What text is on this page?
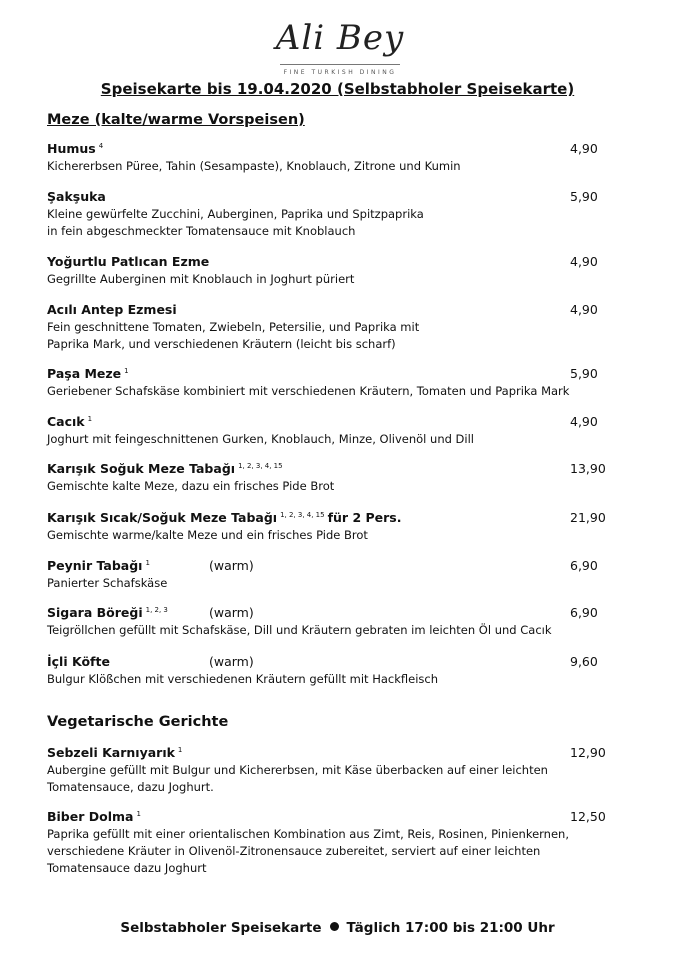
Ali Bey
FINE TURKISH DINING
Speisekarte bis 19.04.2020 (Selbstabholer Speisekarte)
Meze (kalte/warme Vorspeisen)
Humus $^4$	4,90
Kichererbsen Püree, Tahin (Sesampaste), Knoblauch, Zitrone und Kumin
Şakşuka	5,90
Kleine gewürfelte Zucchini, Auberginen, Paprika und Spitzpaprika
in fein abgeschmeckter Tomatensauce mit Knoblauch
Yoğurtlu Patlıcan Ezme	4,90
Gegrillte Auberginen mit Knoblauch in Joghurt püriert
Acılı Antep Ezmesi	4,90
Fein geschnittene Tomaten, Zwiebeln, Petersilie, und Paprika mit
Paprika Mark, und verschiedenen Kräutern (leicht bis scharf)
Paşa Meze $^1$	5,90
Geriebener Schafskäse kombiniert mit verschiedenen Kräutern, Tomaten und Paprika Mark
Cacık $^1$	4,90
Joghurt mit feingeschnittenen Gurken, Knoblauch, Minze, Olivenöl und Dill
Karışık Soğuk Meze Tabağı $^{1, 2, 3, 4, 15}$	13,90
Gemischte kalte Meze, dazu ein frisches Pide Brot
Karışık Sıcak/Soğuk Meze Tabağı $^{1, 2, 3, 4, 15}$ für 2 Pers.	21,90
Gemischte warme/kalte Meze und ein frisches Pide Brot
Peynir Tabağı $^1$	(warm)	6,90
Panierter Schafskäse
Sigara Böreği $^{1, 2, 3}$	(warm)	6,90
Teigröllchen gefüllt mit Schafskäse, Dill und Kräutern gebraten im leichten Öl und Cacık
İçli Köfte	(warm)	9,60
Bulgur Klößchen mit verschiedenen Kräutern gefüllt mit Hackfleisch
Vegetarische Gerichte
Sebzeli Karnıyarık $^1$	12,90
Aubergine gefüllt mit Bulgur und Kichererbsen, mit Käse überbacken auf einer leichten
Tomatensauce, dazu Joghurt.
Biber Dolma $^1$	12,50
Paprika gefüllt mit einer orientalischen Kombination aus Zimt, Reis, Rosinen, Pinienkernen,
verschiedene Kräuter in Olivenöl-Zitronensauce zubereitet, serviert auf einer leichten
Tomatensauce dazu Joghurt
Selbstabholer Speisekarte Täglich 17:00 bis 21:00 Uhr
